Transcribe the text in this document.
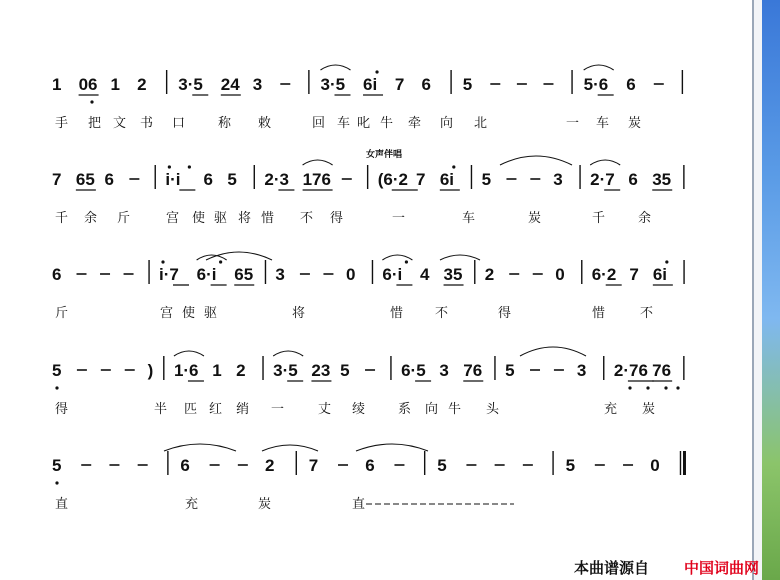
1 06 1 2 3·5 24 3	3·5 6i 7 6 5	5·6 6
手 把 文 书 口	称 敕	回 车 叱 牛 牵 向 北	一 车 炭
7 65 6	i·i 6 5 2·3 176	(6·2 7 6i 5	3 2·7 6 35
女声伴唱
千 余 斤	宫 使 驱 将 惜 不 得	一	车	炭	千	余
6	i·7 6·i 65 3	0 6·i 4 35 2	0 6·2 7 6i
斤	宫 使 驱	将	惜 不	得	惜	不
5	) 1·6 1 2 3·5 23 5	6·5 3 76 5	3 2·76 76
得	半 匹 红 绡 一	丈 绫	系 向 牛 头	充 炭
5	6	2 7	6	5	5	0
直	充	炭	直
本曲谱源自 中国词曲网
